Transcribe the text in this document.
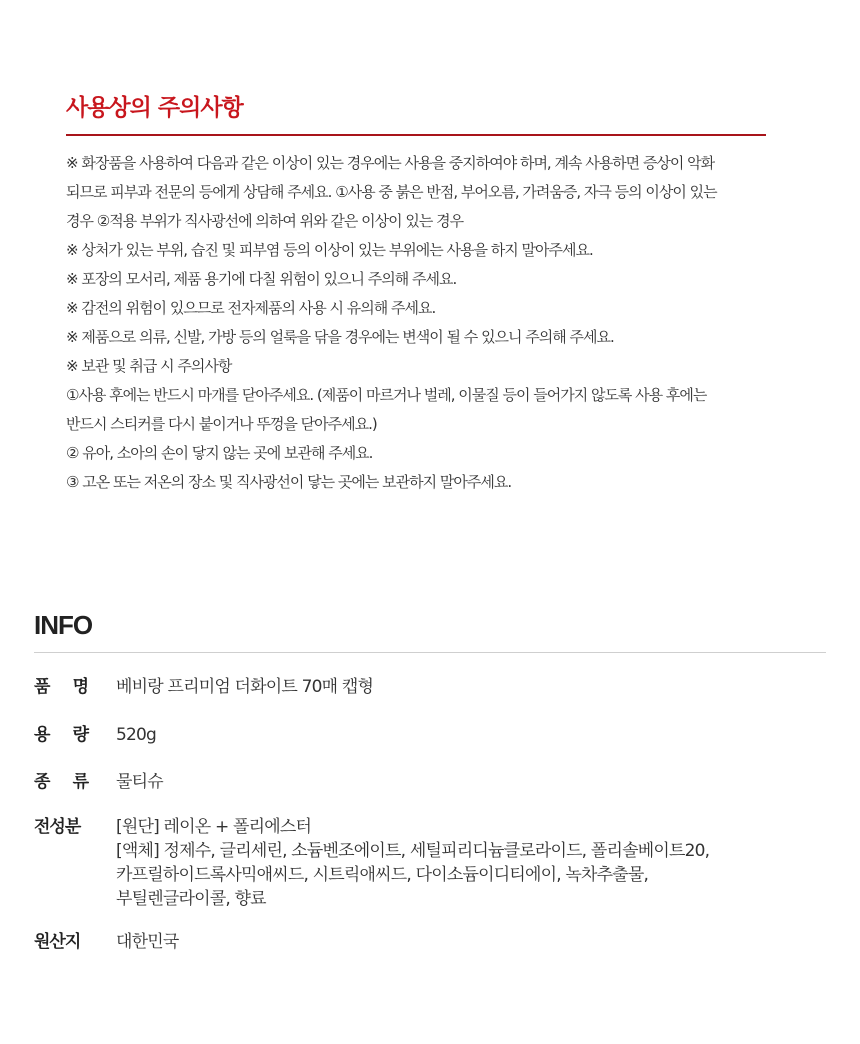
사용상의 주의사항
※ 화장품을 사용하여 다음과 같은 이상이 있는 경우에는 사용을 중지하여야 하며, 계속 사용하면 증상이 악화
되므로 피부과 전문의 등에게 상담해 주세요. ①사용 중 붉은 반점, 부어오름, 가려움증, 자극 등의 이상이 있는
경우 ②적용 부위가 직사광선에 의하여 위와 같은 이상이 있는 경우
※ 상처가 있는 부위, 습진 및 피부염 등의 이상이 있는 부위에는 사용을 하지 말아주세요.
※ 포장의 모서리, 제품 용기에 다칠 위험이 있으니 주의해 주세요.
※ 감전의 위험이 있으므로 전자제품의 사용 시 유의해 주세요.
※ 제품으로 의류, 신발, 가방 등의 얼룩을 닦을 경우에는 변색이 될 수 있으니 주의해 주세요.
※ 보관 및 취급 시 주의사항
①사용 후에는 반드시 마개를 닫아주세요. (제품이 마르거나 벌레, 이물질 등이 들어가지 않도록 사용 후에는
반드시 스티커를 다시 붙이거나 뚜껑을 닫아주세요.)
② 유아, 소아의 손이 닿지 않는 곳에 보관해 주세요.
③ 고온 또는 저온의 장소 및 직사광선이 닿는 곳에는 보관하지 말아주세요.
INFO
품 명 베비랑 프리미엄 더화이트 70매 캡형
용 량 520g
종 류 물티슈
전성분	[원단] 레이온 + 폴리에스터
[액체] 정제수, 글리세린, 소듐벤조에이트, 세틸피리디늄클로라이드, 폴리솔베이트20,
카프릴하이드록사믹애씨드, 시트릭애씨드, 다이소듐이디티에이, 녹차추출물,
부틸렌글라이콜, 향료
원산지	대한민국
